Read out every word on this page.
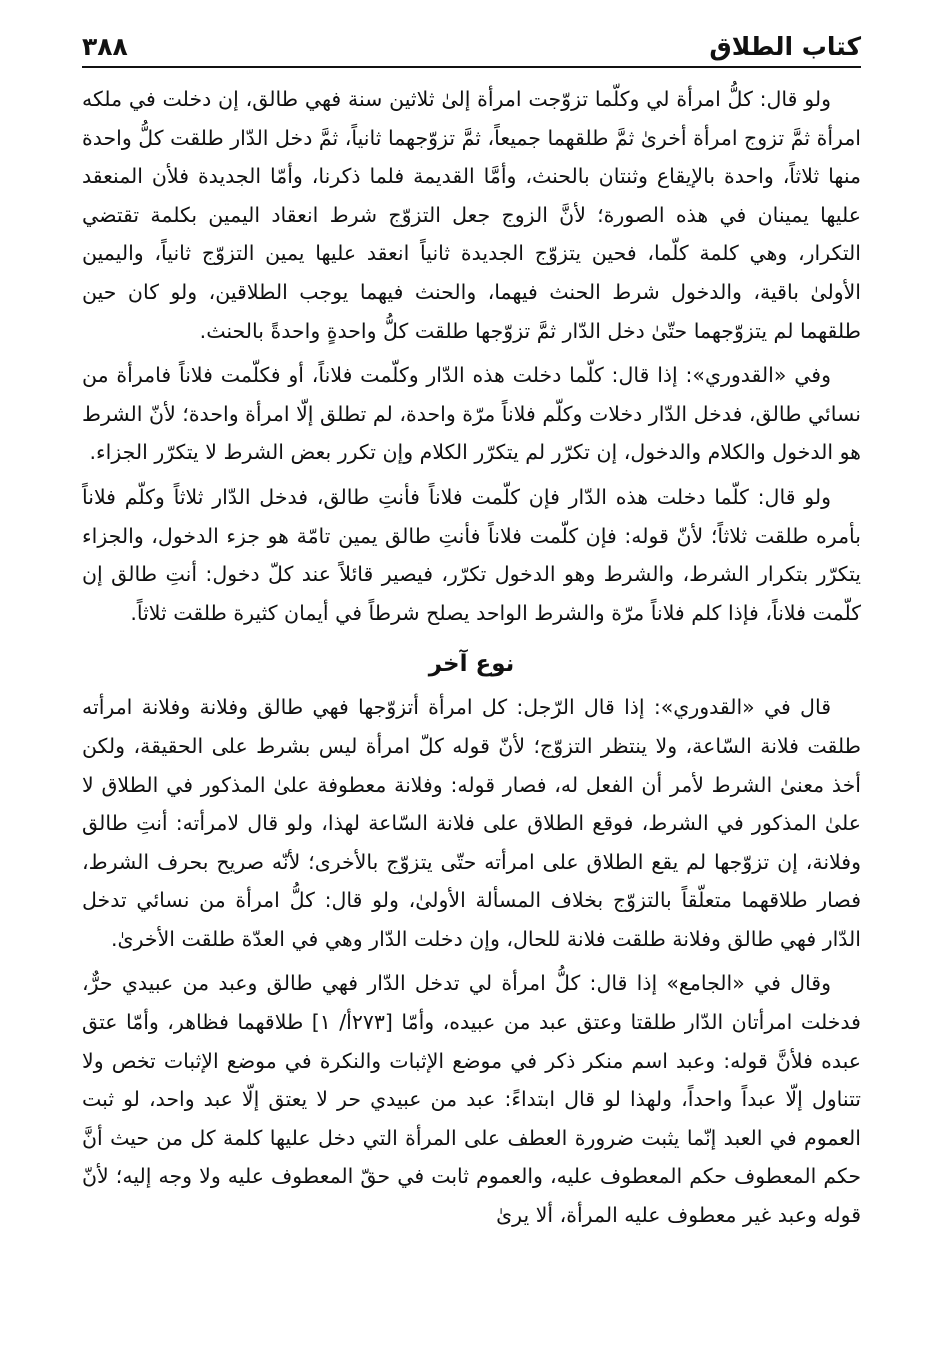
كتاب الطلاق
٣٨٨

ولو قال: كلُّ امرأة لي وكلّما تزوّجت امرأة إلىٰ ثلاثين سنة فهي طالق، إن دخلت في ملكه امرأة ثمَّ تزوج امرأة أخرىٰ ثمَّ طلقهما جميعاً، ثمَّ تزوّجهما ثانياً، ثمَّ دخل الدّار طلقت كلُّ واحدة منها ثلاثاً، واحدة بالإيقاع وثنتان بالحنث، وأمَّا القديمة فلما ذكرنا، وأمّا الجديدة فلأن المنعقد عليها يمينان في هذه الصورة؛ لأنَّ الزوج جعل التزوّج شرط انعقاد اليمين بكلمة تقتضي التكرار، وهي كلمة كلّما، فحين يتزوّج الجديدة ثانياً انعقد عليها يمين التزوّج ثانياً، واليمين الأولىٰ باقية، والدخول شرط الحنث فيهما، والحنث فيهما يوجب الطلاقين، ولو كان حين طلقهما لم يتزوّجهما حتّىٰ دخل الدّار ثمَّ تزوّجها طلقت كلُّ واحدةٍ واحدةً بالحنث.

وفي «القدوري»: إذا قال: كلّما دخلت هذه الدّار وكلّمت فلاناً، أو فكلّمت فلاناً فامرأة من نسائي طالق، فدخل الدّار دخلات وكلّم فلاناً مرّة واحدة، لم تطلق إلّا امرأة واحدة؛ لأنّ الشرط هو الدخول والكلام والدخول، إن تكرّر لم يتكرّر الكلام وإن تكرر بعض الشرط لا يتكرّر الجزاء.

ولو قال: كلّما دخلت هذه الدّار فإن كلّمت فلاناً فأنتِ طالق، فدخل الدّار ثلاثاً وكلّم فلاناً بأمره طلقت ثلاثاً؛ لأنّ قوله: فإن كلّمت فلاناً فأنتِ طالق يمين تامّة هو جزء الدخول، والجزاء يتكرّر بتكرار الشرط، والشرط وهو الدخول تكرّر، فيصير قائلاً عند كلّ دخول: أنتِ طالق إن كلّمت فلاناً، فإذا كلم فلاناً مرّة والشرط الواحد يصلح شرطاً في أيمان كثيرة طلقت ثلاثاً.

نوع آخر

قال في «القدوري»: إذا قال الرّجل: كل امرأة أتزوّجها فهي طالق وفلانة وفلانة امرأته طلقت فلانة السّاعة، ولا ينتظر التزوّج؛ لأنّ قوله كلّ امرأة ليس بشرط على الحقيقة، ولكن أخذ معنىٰ الشرط لأمر أن الفعل له، فصار قوله: وفلانة معطوفة علىٰ المذكور في الطلاق لا علىٰ المذكور في الشرط، فوقع الطلاق على فلانة السّاعة لهذا، ولو قال لامرأته: أنتِ طالق وفلانة، إن تزوّجها لم يقع الطلاق على امرأته حتّى يتزوّج بالأخرى؛ لأنّه صريح بحرف الشرط، فصار طلاقهما متعلّقاً بالتزوّج بخلاف المسألة الأولىٰ، ولو قال: كلُّ امرأة من نسائي تدخل الدّار فهي طالق وفلانة طلقت فلانة للحال، وإن دخلت الدّار وهي في العدّة طلقت الأخرىٰ.

وقال في «الجامع» إذا قال: كلُّ امرأة لي تدخل الدّار فهي طالق وعبد من عبيدي حرٌّ، فدخلت امرأتان الدّار طلقتا وعتق عبد من عبيده، وأمّا [٢٧٣أ/ ١] طلاقهما فظاهر، وأمّا عتق عبده فلأنَّ قوله: وعبد اسم منكر ذكر في موضع الإثبات والنكرة في موضع الإثبات تخص ولا تتناول إلّا عبداً واحداً، ولهذا لو قال ابتداءً: عبد من عبيدي حر لا يعتق إلّا عبد واحد، لو ثبت العموم في العبد إنّما يثبت ضرورة العطف على المرأة التي دخل عليها كلمة كل من حيث أنَّ حكم المعطوف حكم المعطوف عليه، والعموم ثابت في حقّ المعطوف عليه ولا وجه إليه؛ لأنّ قوله وعبد غير معطوف عليه المرأة، ألا يرىٰ
